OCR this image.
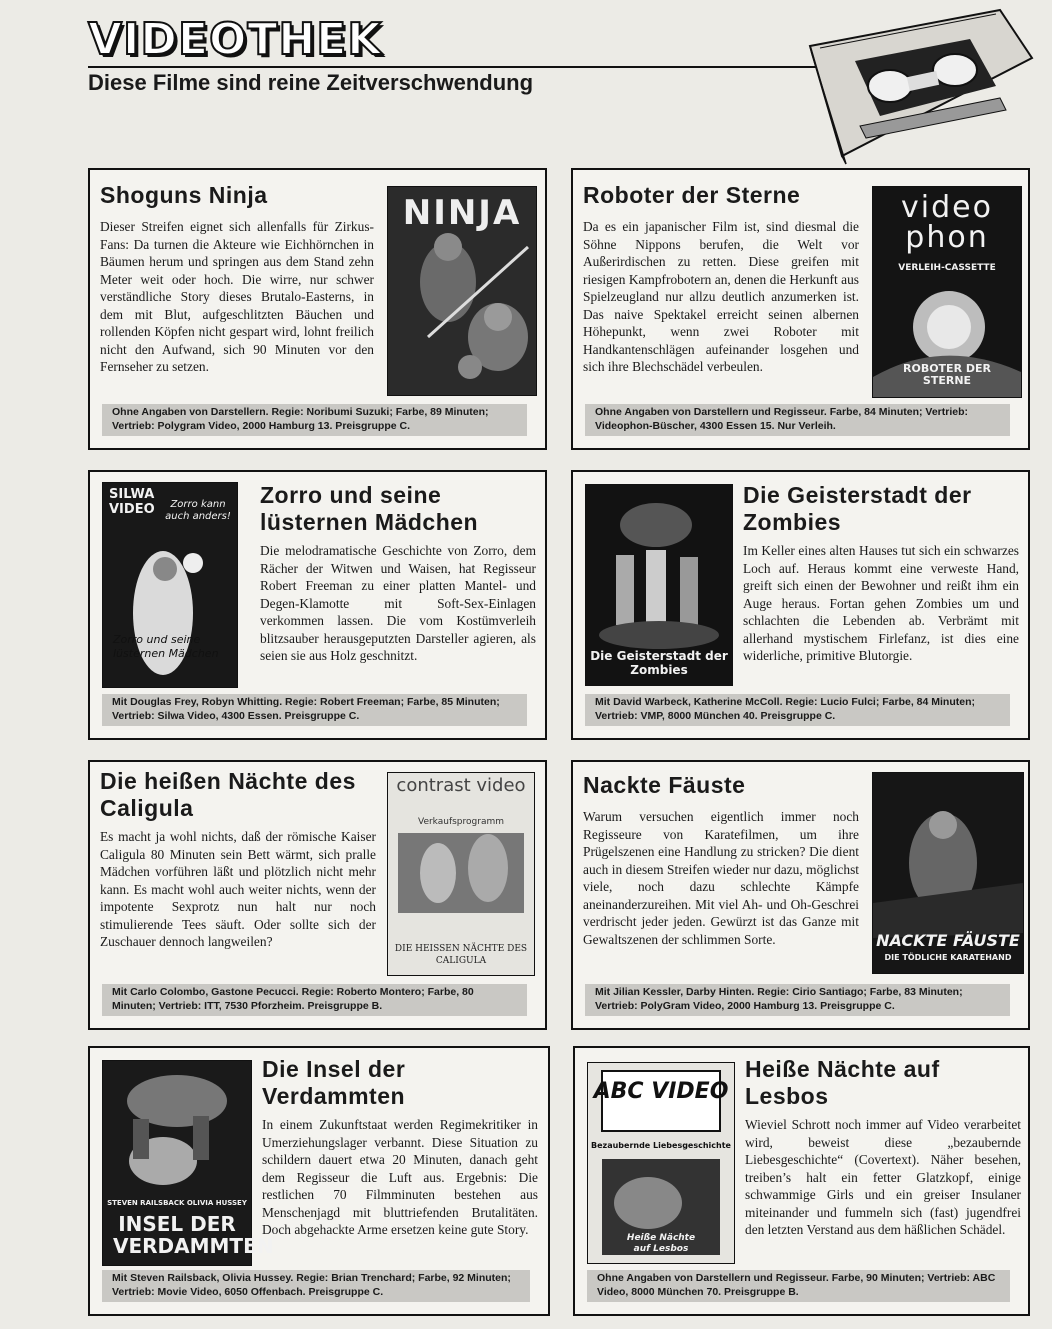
VIDEOTHEK
Diese Filme sind reine Zeitverschwendung
Shoguns Ninja

Dieser Streifen eignet sich allenfalls für Zirkus-Fans: Da turnen die Akteure wie Eichhörnchen in Bäumen herum und springen aus dem Stand zehn Meter weit oder hoch. Die wirre, nur schwer verständliche Story dieses Brutalo-Easterns, in dem mit Blut, aufgeschlitzten Bäuchen und rollenden Köpfen nicht gespart wird, lohnt freilich nicht den Aufwand, sich 90 Minuten vor den Fernseher zu setzen.

NINJA
Ohne Angaben von Darstellern. Regie: Noribumi Suzuki; Farbe, 89 Minuten; Vertrieb: Polygram Video, 2000 Hamburg 13. Preisgruppe C.
Roboter der Sterne

Da es ein japanischer Film ist, sind diesmal die Söhne Nippons berufen, die Welt vor Außerirdischen zu retten. Diese greifen mit riesigen Kampfrobotern an, denen die Herkunft aus Spielzeugland nur allzu deutlich anzumerken ist. Das naive Spektakel erreicht seinen albernen Höhepunkt, wenn zwei Roboter mit Handkantenschlägen aufeinander losgehen und sich ihre Blechschädel verbeulen.

video phon
VERLEIH-CASSETTE
ROBOTER DER STERNE
Ohne Angaben von Darstellern und Regisseur. Farbe, 84 Minuten; Vertrieb: Videophon-Büscher, 4300 Essen 15. Nur Verleih.
SILWA VIDEO	Zorro kann auch anders!
Zorro und seine lüsternen Mädchen
Zorro und seine lüsternen Mädchen

Die melodramatische Geschichte von Zorro, dem Rächer der Witwen und Waisen, hat Regisseur Robert Freeman zu einer platten Mantel- und Degen-Klamotte mit Soft-Sex-Einlagen verkommen lassen. Die vom Kostümverleih blitzsauber herausgeputzten Darsteller agieren, als seien sie aus Holz geschnitzt.

Mit Douglas Frey, Robyn Whitting. Regie: Robert Freeman; Farbe, 85 Minuten; Vertrieb: Silwa Video, 4300 Essen. Preisgruppe C.
Die Geisterstadt der Zombies
Die Geisterstadt der Zombies

Im Keller eines alten Hauses tut sich ein schwarzes Loch auf. Heraus kommt eine verweste Hand, greift sich einen der Bewohner und reißt ihm ein Auge heraus. Fortan gehen Zombies um und schlachten die Lebenden ab. Verbrämt mit allerhand mystischem Firlefanz, ist dies eine widerliche, primitive Blutorgie.

Mit David Warbeck, Katherine McColl. Regie: Lucio Fulci; Farbe, 84 Minuten; Vertrieb: VMP, 8000 München 40. Preisgruppe C.
Die heißen Nächte des Caligula

Es macht ja wohl nichts, daß der römische Kaiser Caligula 80 Minuten sein Bett wärmt, sich pralle Mädchen vorführen läßt und plötzlich nicht mehr kann. Es macht wohl auch weiter nichts, wenn der impotente Sexprotz nun halt nur noch stimulierende Tees säuft. Oder sollte sich der Zuschauer dennoch langweilen?

contrast video
Verkaufsprogramm
DIE HEISSEN NÄCHTE DES CALIGULA
Mit Carlo Colombo, Gastone Pecucci. Regie: Roberto Montero; Farbe, 80 Minuten; Vertrieb: ITT, 7530 Pforzheim. Preisgruppe B.
Nackte Fäuste

Warum versuchen eigentlich immer noch Regisseure von Karatefilmen, um ihre Prügelszenen eine Handlung zu stricken? Die dient auch in diesem Streifen wieder nur dazu, möglichst viele, noch dazu schlechte Kämpfe aneinanderzureihen. Mit viel Ah- und Oh-Geschrei verdrischt jeder jeden. Gewürzt ist das Ganze mit Gewaltszenen der schlimmen Sorte.	NACKTE FÄUSTE
DIE TÖDLICHE KARATEHAND
Mit Jilian Kessler, Darby Hinten. Regie: Cirio Santiago; Farbe, 83 Minuten; Vertrieb: PolyGram Video, 2000 Hamburg 13. Preisgruppe C.
STEVEN RAILSBACK OLIVIA HUSSEY
INSEL DER VERDAMMTEN
Die Insel der Verdammten

In einem Zukunftstaat werden Regimekritiker in Umerziehungslager verbannt. Diese Situation zu schildern dauert etwa 20 Minuten, danach geht dem Regisseur die Luft aus. Ergebnis: Die restlichen 70 Filmminuten bestehen aus Menschenjagd mit bluttriefenden Brutalitäten. Doch abgehackte Arme ersetzen keine gute Story.

Mit Steven Railsback, Olivia Hussey. Regie: Brian Trenchard; Farbe, 92 Minuten; Vertrieb: Movie Video, 6050 Offenbach. Preisgruppe C.
ABC VIDEO
Bezaubernde Liebesgeschichte
Heiße Nächte auf Lesbos
Heiße Nächte auf Lesbos

Wieviel Schrott noch immer auf Video verarbeitet wird, beweist diese „bezaubernde Liebesgeschichte“ (Covertext). Näher besehen, treiben’s halt ein fetter Glatzkopf, einige schwammige Girls und ein greiser Insulaner miteinander und fummeln sich (fast) jugendfrei den letzten Verstand aus dem häßlichen Schädel.

Ohne Angaben von Darstellern und Regisseur. Farbe, 90 Minuten; Vertrieb: ABC Video, 8000 München 70. Preisgruppe B.
